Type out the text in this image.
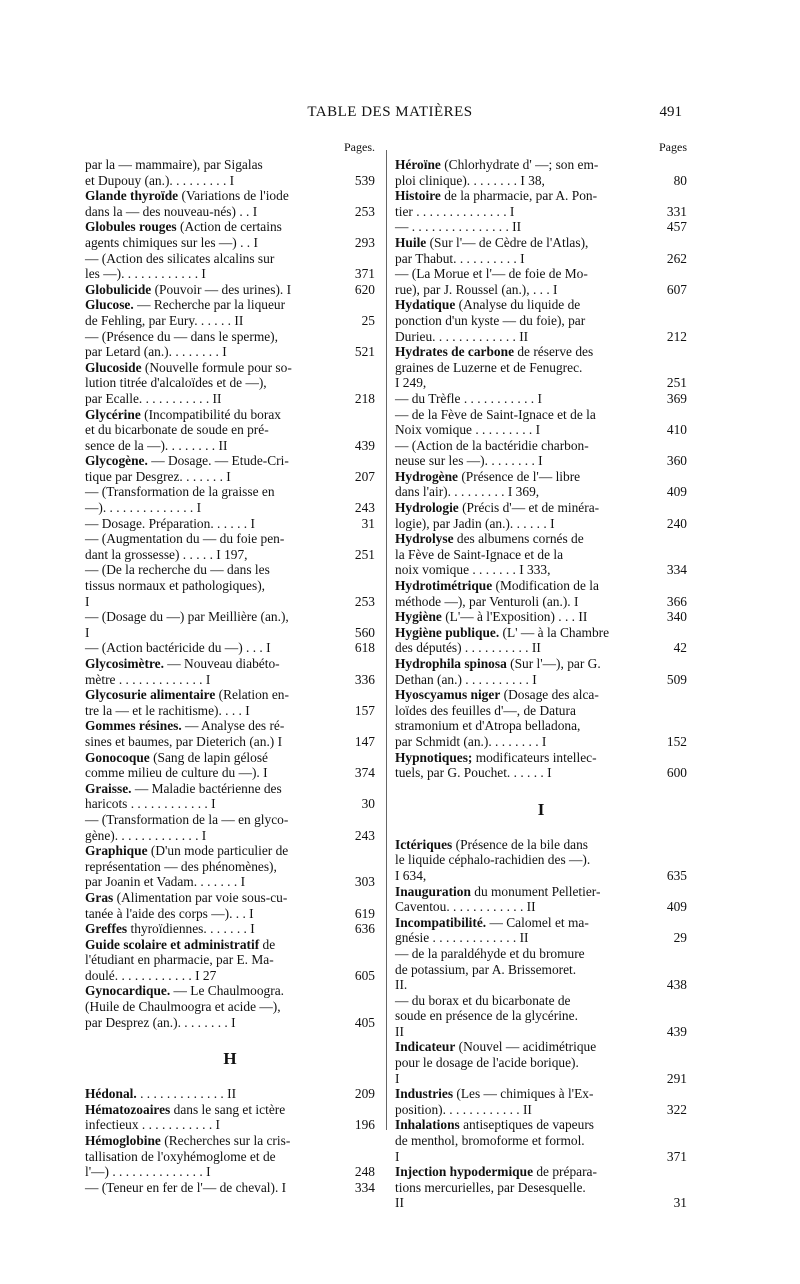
TABLE DES MATIÈRES	491
Pages.
par la — mammaire), par Sigalas
et Dupouy (an.). . . . . . . . . I	539
Glande thyroïde (Variations de l'iode
dans la — des nouveau-nés) . . I	253
Globules rouges (Action de certains
agents chimiques sur les —) . . I	293
— (Action des silicates alcalins sur
les —). . . . . . . . . . . . I	371
Globulicide (Pouvoir — des urines). I	620
Glucose. — Recherche par la liqueur
de Fehling, par Eury. . . . . . II	25
— (Présence du — dans le sperme),
par Letard (an.). . . . . . . . I	521
Glucoside (Nouvelle formule pour so-
lution titrée d'alcaloïdes et de —),
par Ecalle. . . . . . . . . . . II	218
Glycérine (Incompatibilité du borax
et du bicarbonate de soude en pré-
sence de la —). . . . . . . . II	439
Glycogène. — Dosage. — Etude-Cri-
tique par Desgrez. . . . . . . I	207
— (Transformation de la graisse en
—). . . . . . . . . . . . . . I	243
— Dosage. Préparation. . . . . . I	31
— (Augmentation du — du foie pen-
dant la grossesse) . . . . . I 197,	251
— (De la recherche du — dans les
tissus normaux et pathologiques),
I	253
— (Dosage du —) par Meillière (an.),
I	560
— (Action bactéricide du —) . . . I	618
Glycosimètre. — Nouveau diabéto-
mètre . . . . . . . . . . . . . I	336
Glycosurie alimentaire (Relation en-
tre la — et le rachitisme). . . . I	157
Gommes résines. — Analyse des ré-
sines et baumes, par Dieterich (an.) I	147
Gonocoque (Sang de lapin gélosé
comme milieu de culture du —). I	374
Graisse. — Maladie bactérienne des
haricots . . . . . . . . . . . . I	30
— (Transformation de la — en glyco-
gène). . . . . . . . . . . . . I	243
Graphique (D'un mode particulier de
représentation — des phénomènes),
par Joanin et Vadam. . . . . . . I	303
Gras (Alimentation par voie sous-cu-
tanée à l'aide des corps —). . . I	619
Greffes thyroïdiennes. . . . . . . I	636
Guide scolaire et administratif de
l'étudiant en pharmacie, par E. Ma-
doulé. . . . . . . . . . . . I 27	605
Gynocardique. — Le Chaulmoogra.
(Huile de Chaulmoogra et acide —),
par Desprez (an.). . . . . . . . I	405
H
Hédonal. . . . . . . . . . . . . . II	209
Hématozoaires dans le sang et ictère
infectieux . . . . . . . . . . . I	196
Hémoglobine (Recherches sur la cris-
tallisation de l'oxyhémoglome et de
l'—) . . . . . . . . . . . . . . I	248
— (Teneur en fer de l'— de cheval). I	334
Pages
Héroïne (Chlorhydrate d' —; son em-
ploi clinique). . . . . . . . I 38,	80
Histoire de la pharmacie, par A. Pon-
tier . . . . . . . . . . . . . . I	331
— . . . . . . . . . . . . . . . II	457
Huile (Sur l'— de Cèdre de l'Atlas),
par Thabut. . . . . . . . . . I	262
— (La Morue et l'— de foie de Mo-
rue), par J. Roussel (an.), . . . I	607
Hydatique (Analyse du liquide de
ponction d'un kyste — du foie), par
Durieu. . . . . . . . . . . . . II	212
Hydrates de carbone de réserve des
graines de Luzerne et de Fenugrec.
I 249,	251
— du Trèfle . . . . . . . . . . . I	369
— de la Fève de Saint-Ignace et de la
Noix vomique . . . . . . . . . I	410
— (Action de la bactéridie charbon-
neuse sur les —). . . . . . . . I	360
Hydrogène (Présence de l'— libre
dans l'air). . . . . . . . . I 369,	409
Hydrologie (Précis d'— et de minéra-
logie), par Jadin (an.). . . . . . I	240
Hydrolyse des albumens cornés de
la Fève de Saint-Ignace et de la
noix vomique . . . . . . . I 333,	334
Hydrotimétrique (Modification de la
méthode —), par Venturoli (an.). I	366
Hygiène (L'— à l'Exposition) . . . II	340
Hygiène publique. (L' — à la Chambre
des députés) . . . . . . . . . . II	42
Hydrophila spinosa (Sur l'—), par G.
Dethan (an.) . . . . . . . . . . I	509
Hyoscyamus niger (Dosage des alca-
loïdes des feuilles d'—, de Datura
stramonium et d'Atropa belladona,
par Schmidt (an.). . . . . . . . I	152
Hypnotiques; modificateurs intellec-
tuels, par G. Pouchet. . . . . . I	600
I
Ictériques (Présence de la bile dans
le liquide céphalo-rachidien des —).
I 634,	635
Inauguration du monument Pelletier-
Caventou. . . . . . . . . . . . II	409
Incompatibilité. — Calomel et ma-
gnésie . . . . . . . . . . . . . II	29
— de la paraldéhyde et du bromure
de potassium, par A. Brissemoret.
II.	438
— du borax et du bicarbonate de
soude en présence de la glycérine.
II	439
Indicateur (Nouvel — acidimétrique
pour le dosage de l'acide borique).
I	291
Industries (Les — chimiques à l'Ex-
position). . . . . . . . . . . . II	322
Inhalations antiseptiques de vapeurs
de menthol, bromoforme et formol.
I	371
Injection hypodermique de prépara-
tions mercurielles, par Desesquelle.
II	31
